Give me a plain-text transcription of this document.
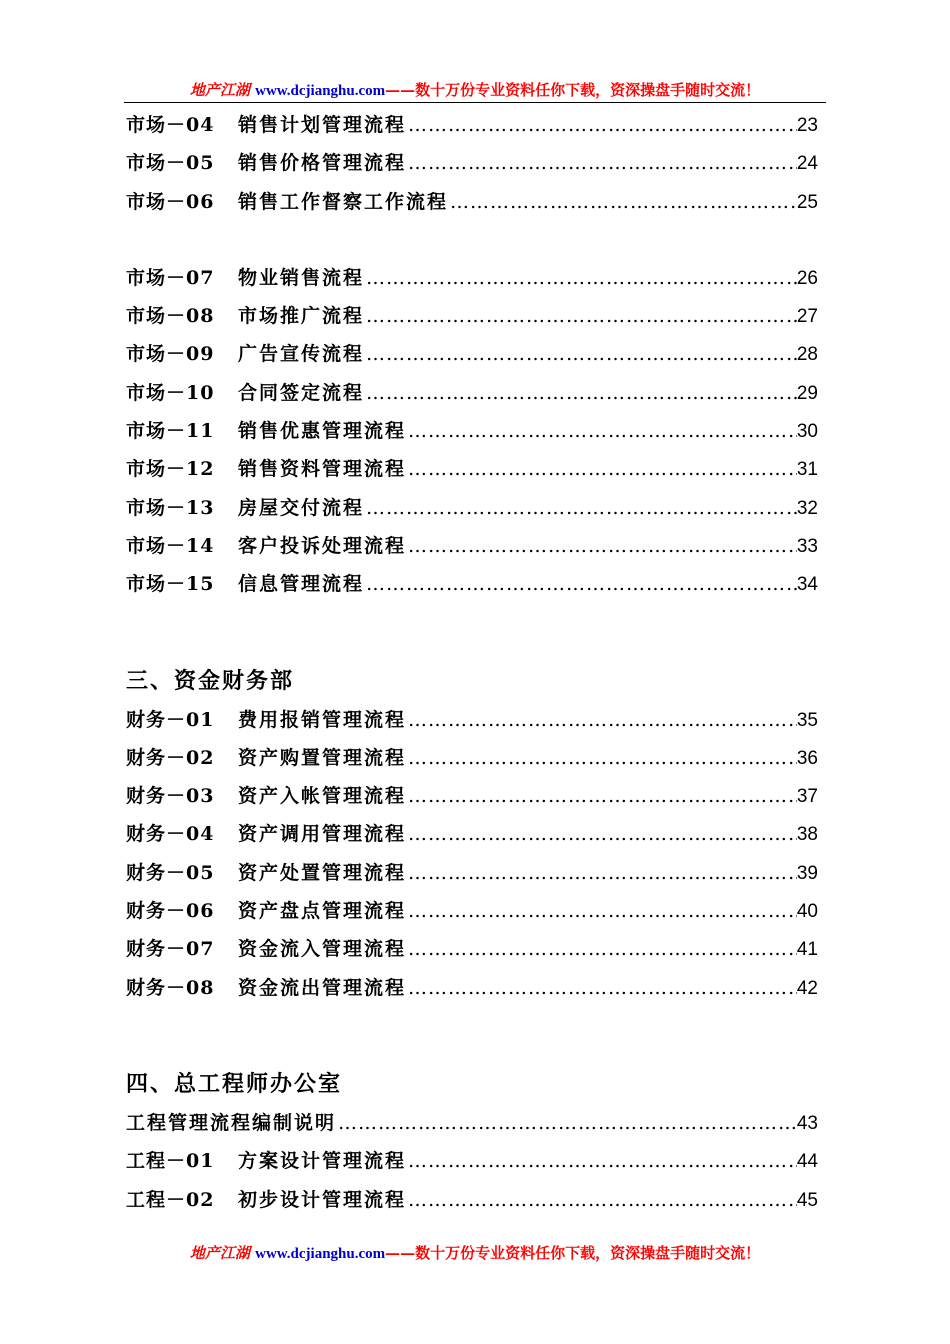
地产江湖 www.dcjianghu.com——数十万份专业资料任你下载，资深操盘手随时交流！
市场－04	销售计划管理流程 …………………………………………………………………………………………………………………………………………………………………………………………	23
市场－05	销售价格管理流程 …………………………………………………………………………………………………………………………………………………………………………………………	24
市场－06	销售工作督察工作流程 …………………………………………………………………………………………………………………………………………………………………………………………	25
市场－07	物业销售流程 …………………………………………………………………………………………………………………………………………………………………………………………	26
市场－08	市场推广流程 …………………………………………………………………………………………………………………………………………………………………………………………	27
市场－09	广告宣传流程 …………………………………………………………………………………………………………………………………………………………………………………………	28
市场－10	合同签定流程 …………………………………………………………………………………………………………………………………………………………………………………………	29
市场－11	销售优惠管理流程 …………………………………………………………………………………………………………………………………………………………………………………………	30
市场－12	销售资料管理流程 …………………………………………………………………………………………………………………………………………………………………………………………	31
市场－13	房屋交付流程 …………………………………………………………………………………………………………………………………………………………………………………………	32
市场－14	客户投诉处理流程 …………………………………………………………………………………………………………………………………………………………………………………………	33
市场－15	信息管理流程 …………………………………………………………………………………………………………………………………………………………………………………………	34
三、资金财务部
财务－01	费用报销管理流程 …………………………………………………………………………………………………………………………………………………………………………………………	35
财务－02	资产购置管理流程 …………………………………………………………………………………………………………………………………………………………………………………………	36
财务－03	资产入帐管理流程 …………………………………………………………………………………………………………………………………………………………………………………………	37
财务－04	资产调用管理流程 …………………………………………………………………………………………………………………………………………………………………………………………	38
财务－05	资产处置管理流程 …………………………………………………………………………………………………………………………………………………………………………………………	39
财务－06	资产盘点管理流程 …………………………………………………………………………………………………………………………………………………………………………………………	40
财务－07	资金流入管理流程 …………………………………………………………………………………………………………………………………………………………………………………………	41
财务－08	资金流出管理流程 …………………………………………………………………………………………………………………………………………………………………………………………	42
四、总工程师办公室
工程管理流程编制说明 …………………………………………………………………………………………………………………………………………………………………………………………	43
工程－01	方案设计管理流程 …………………………………………………………………………………………………………………………………………………………………………………………	44
工程－02	初步设计管理流程 …………………………………………………………………………………………………………………………………………………………………………………………	45
地产江湖 www.dcjianghu.com——数十万份专业资料任你下载，资深操盘手随时交流！
